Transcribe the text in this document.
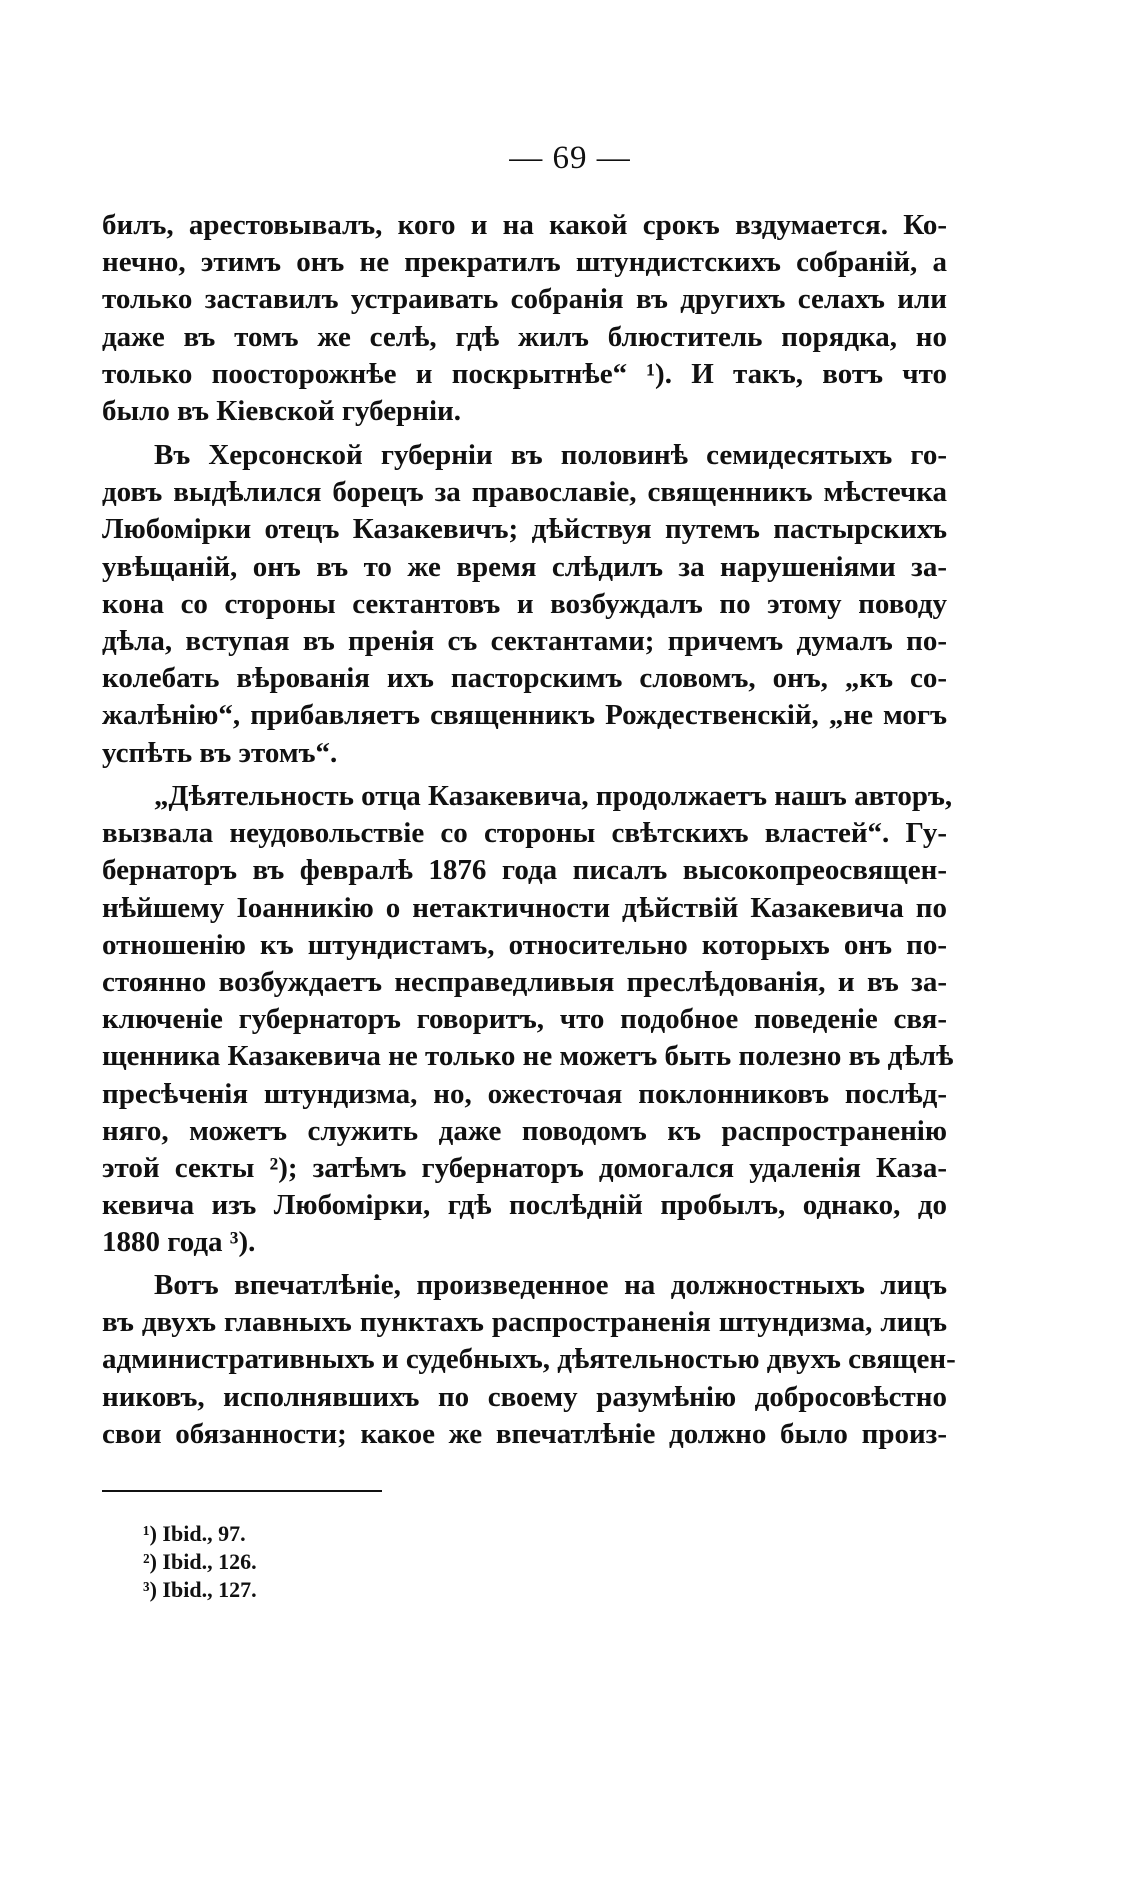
— 69 —
билъ, арестовывалъ, кого и на какой срокъ вздумается. Ко-
нечно, этимъ онъ не прекратилъ штундистскихъ собраній, а
только заставилъ устраивать собранія въ другихъ селахъ или
даже въ томъ же селѣ, гдѣ жилъ блюститель порядка, но
только поосторожнѣе и поскрытнѣе“ ¹). И такъ, вотъ что
было въ Кіевской губерніи.
Въ Херсонской губерніи въ половинѣ семидесятыхъ го-
довъ выдѣлился борецъ за православіе, священникъ мѣстечка
Любомірки отецъ Казакевичъ; дѣйствуя путемъ пастырскихъ
увѣщаній, онъ въ то же время слѣдилъ за нарушеніями за-
кона со стороны сектантовъ и возбуждалъ по этому поводу
дѣла, вступая въ пренія съ сектантами; причемъ думалъ по-
колебать вѣрованія ихъ пасторскимъ словомъ, онъ, „къ со-
жалѣнію“, прибавляетъ священникъ Рождественскій, „не могъ
успѣть въ этомъ“.
„Дѣятельность отца Казакевича, продолжаетъ нашъ авторъ,
вызвала неудовольствіе со стороны свѣтскихъ властей“. Гу-
бернаторъ въ февралѣ 1876 года писалъ высокопреосвящен-
нѣйшему Іоанникію о нетактичности дѣйствій Казакевича по
отношенію къ штундистамъ, относительно которыхъ онъ по-
стоянно возбуждаетъ несправедливыя преслѣдованія, и въ за-
ключеніе губернаторъ говоритъ, что подобное поведеніе свя-
щенника Казакевича не только не можетъ быть полезно въ дѣлѣ
пресѣченія штундизма, но, ожесточая поклонниковъ послѣд-
няго, можетъ служить даже поводомъ къ распространенію
этой секты ²); затѣмъ губернаторъ домогался удаленія Каза-
кевича изъ Любомірки, гдѣ послѣдній пробылъ, однако, до
1880 года ³).
Вотъ впечатлѣніе, произведенное на должностныхъ лицъ
въ двухъ главныхъ пунктахъ распространенія штундизма, лицъ
административныхъ и судебныхъ, дѣятельностью двухъ священ-
никовъ, исполнявшихъ по своему разумѣнію добросовѣстно
свои обязанности; какое же впечатлѣніе должно было произ-
¹) Ibid., 97.
²) Ibid., 126.
³) Ibid., 127.
